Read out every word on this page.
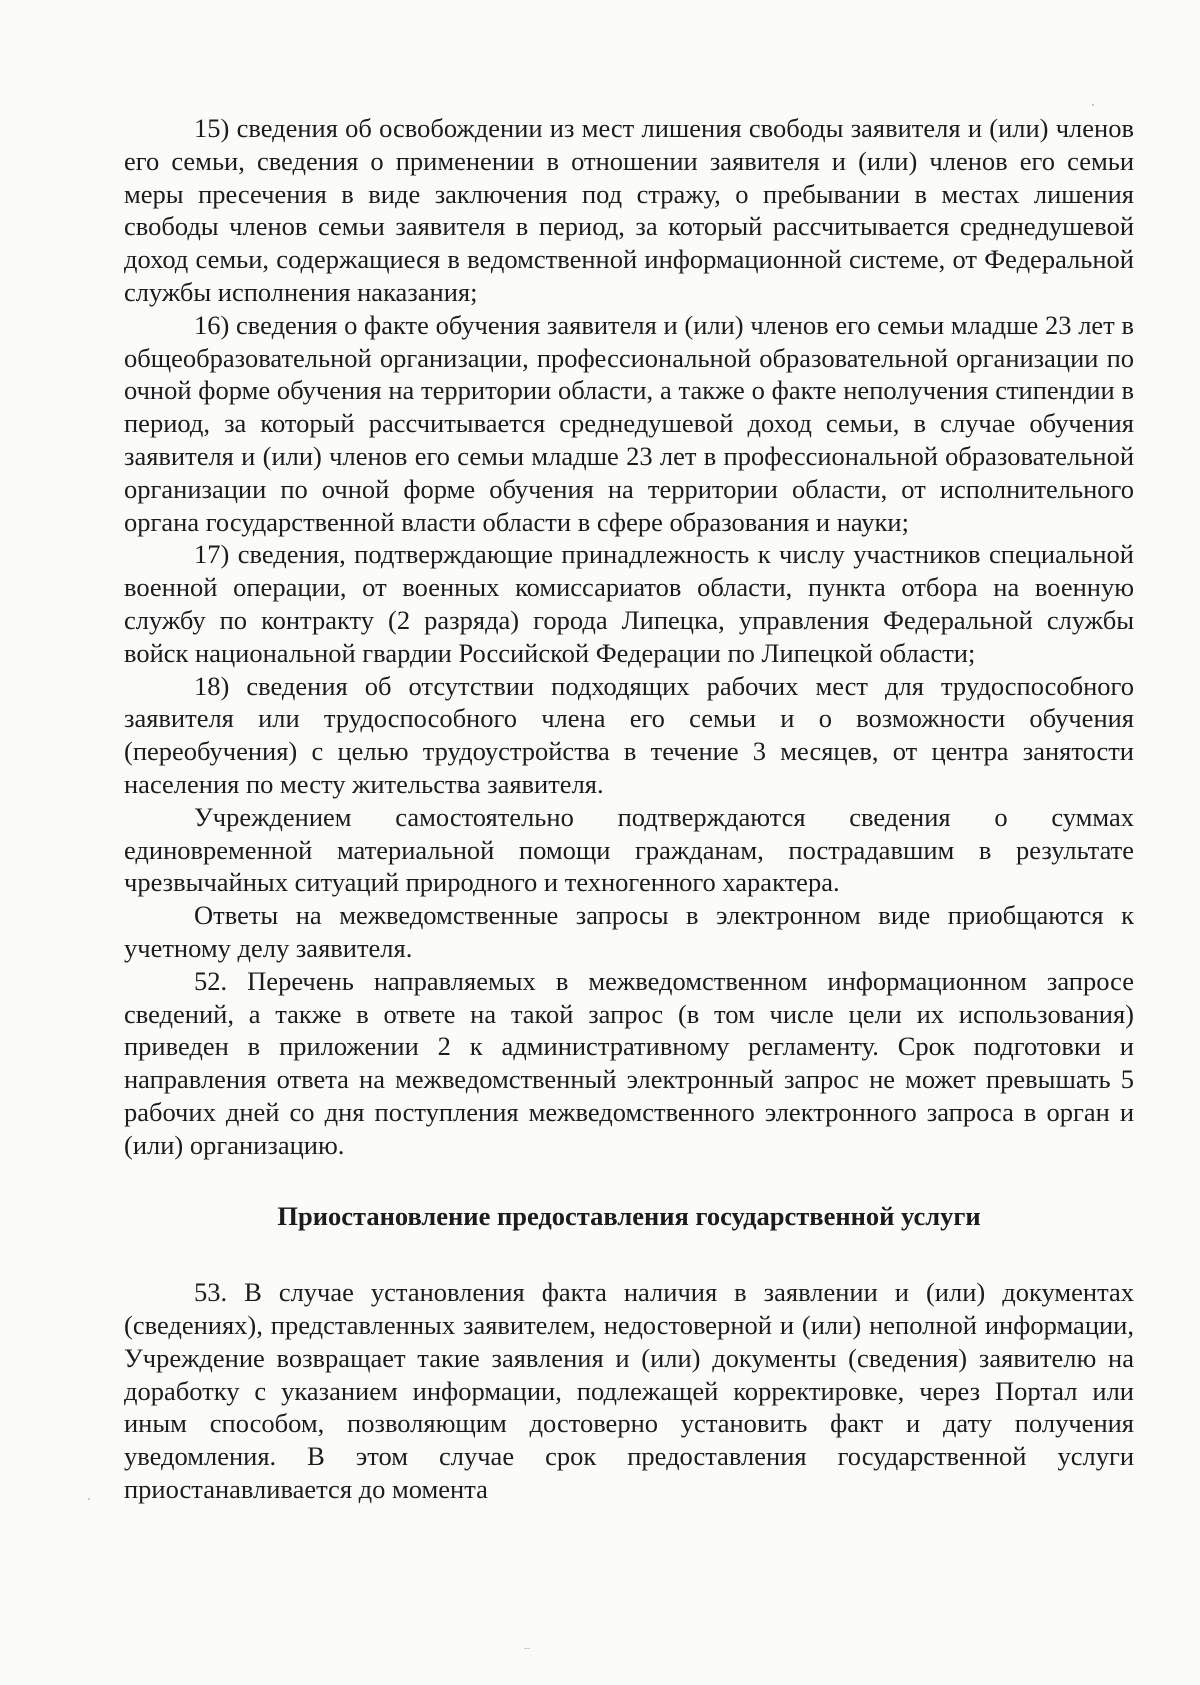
15) сведения об освобождении из мест лишения свободы заявителя и (или) членов его семьи, сведения о применении в отношении заявителя и (или) членов его семьи меры пресечения в виде заключения под стражу, о пребывании в местах лишения свободы членов семьи заявителя в период, за который рассчитывается среднедушевой доход семьи, содержащиеся в ведомственной информационной системе, от Федеральной службы исполнения наказания;

16) сведения о факте обучения заявителя и (или) членов его семьи младше 23 лет в общеобразовательной организации, профессиональной образовательной организации по очной форме обучения на территории области, а также о факте неполучения стипендии в период, за который рассчитывается среднедушевой доход семьи, в случае обучения заявителя и (или) членов его семьи младше 23 лет в профессиональной образовательной организации по очной форме обучения на территории области, от исполнительного органа государственной власти области в сфере образования и науки;

17) сведения, подтверждающие принадлежность к числу участников специальной военной операции, от военных комиссариатов области, пункта отбора на военную службу по контракту (2 разряда) города Липецка, управления Федеральной службы войск национальной гвардии Российской Федерации по Липецкой области;

18) сведения об отсутствии подходящих рабочих мест для трудоспособного заявителя или трудоспособного члена его семьи и о возможности обучения (переобучения) с целью трудоустройства в течение 3 месяцев, от центра занятости населения по месту жительства заявителя.

Учреждением самостоятельно подтверждаются сведения о суммах единовременной материальной помощи гражданам, пострадавшим в результате чрезвычайных ситуаций природного и техногенного характера.

Ответы на межведомственные запросы в электронном виде приобщаются к учетному делу заявителя.

52. Перечень направляемых в межведомственном информационном запросе сведений, а также в ответе на такой запрос (в том числе цели их использования) приведен в приложении 2 к административному регламенту. Срок подготовки и направления ответа на межведомственный электронный запрос не может превышать 5 рабочих дней со дня поступления межведомственного электронного запроса в орган и (или) организацию.

Приостановление предоставления государственной услуги

53. В случае установления факта наличия в заявлении и (или) документах (сведениях), представленных заявителем, недостоверной и (или) неполной информации, Учреждение возвращает такие заявления и (или) документы (сведения) заявителю на доработку с указанием информации, подлежащей корректировке, через Портал или иным способом, позволяющим достоверно установить факт и дату получения уведомления. В этом случае срок предоставления государственной услуги приостанавливается до момента
